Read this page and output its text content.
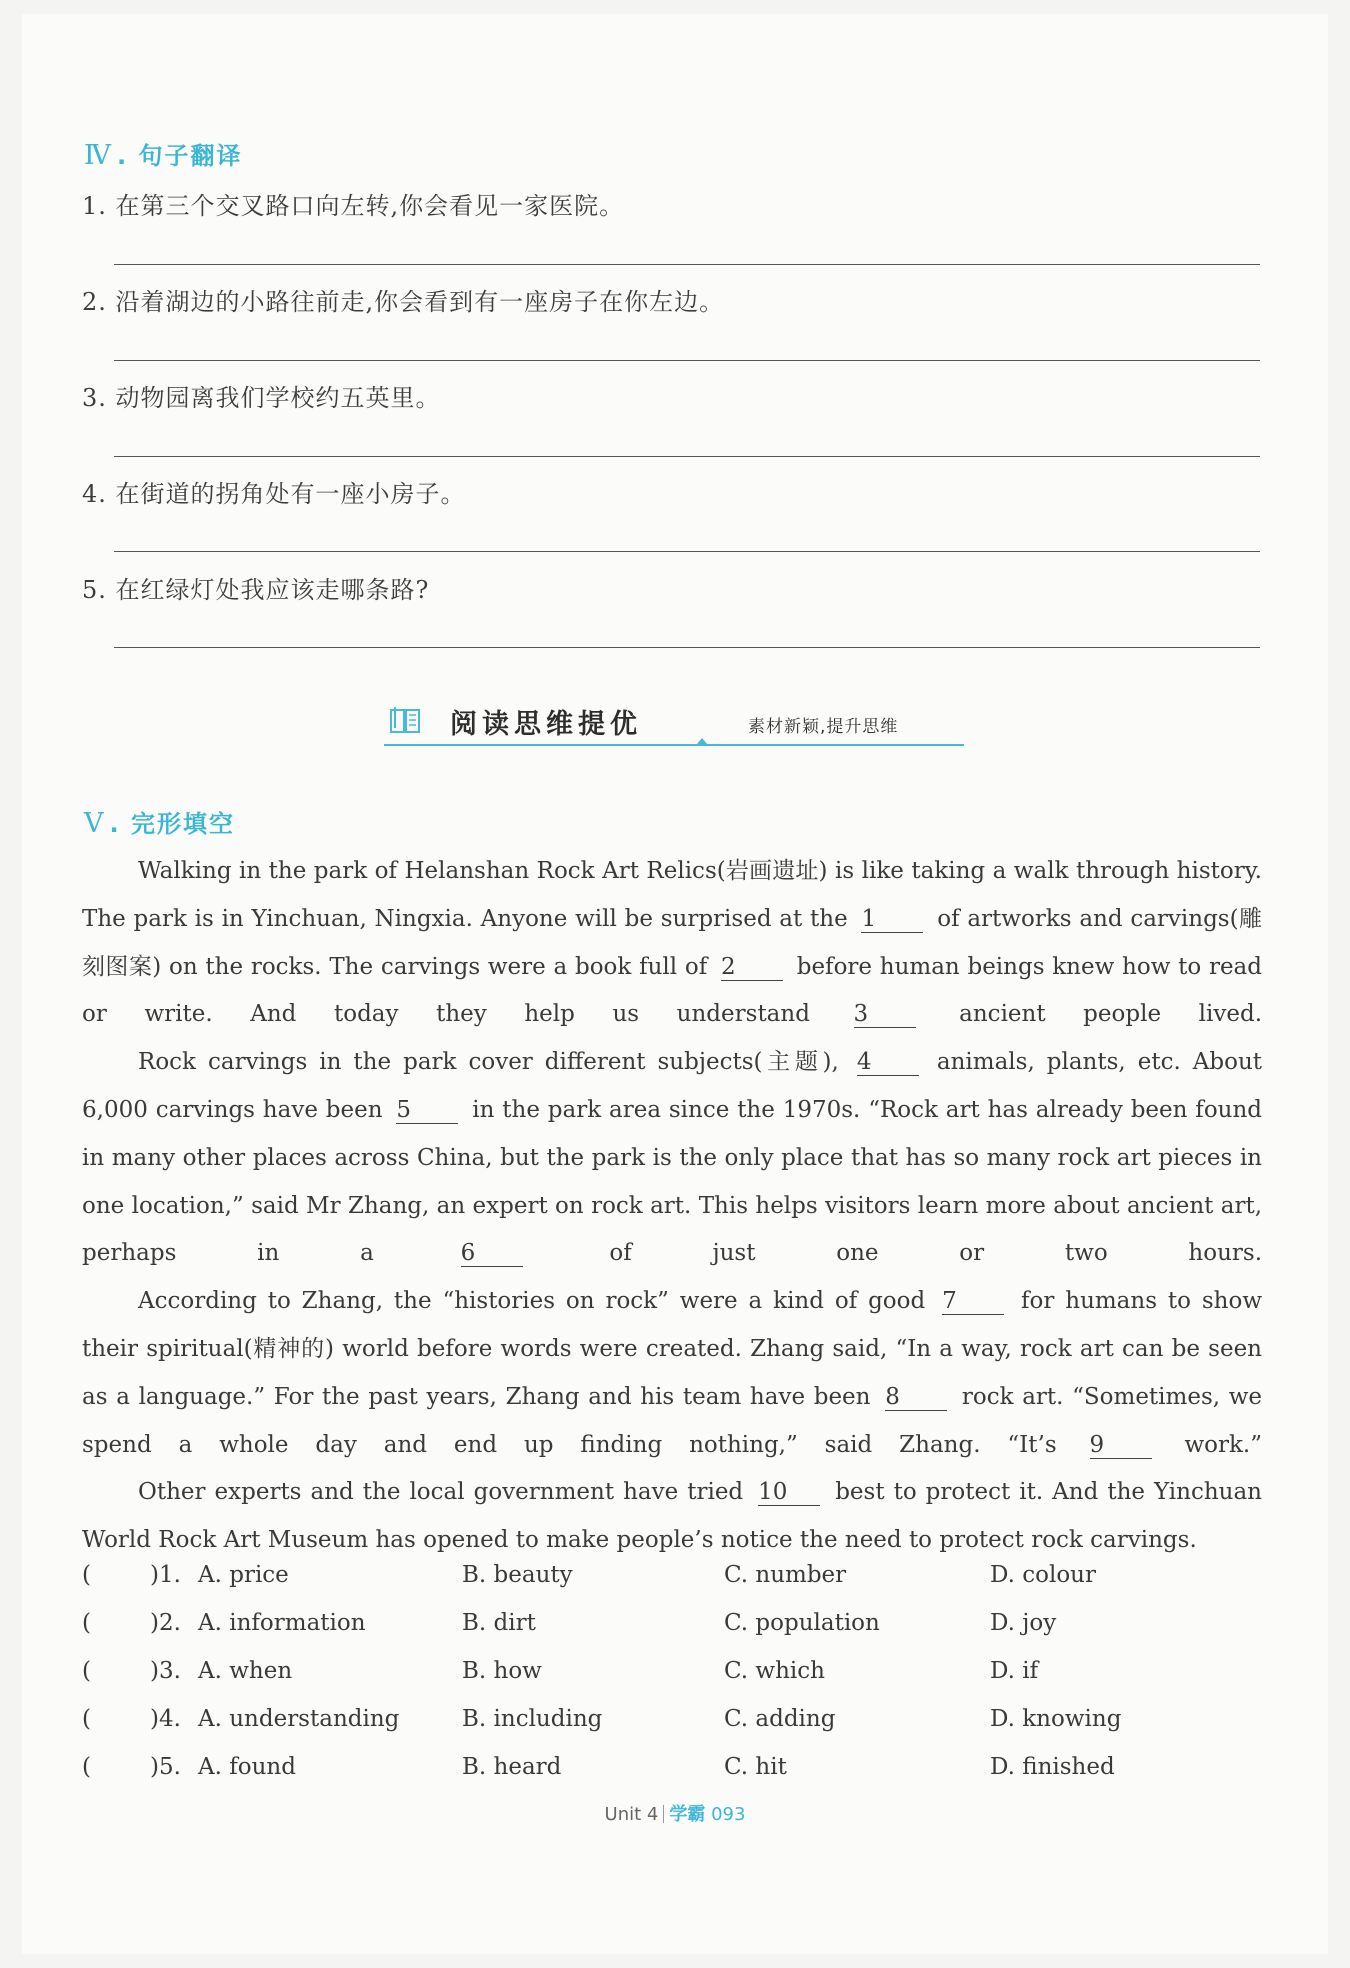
Ⅳ . 句子翻译
1. 在第三个交叉路口向左转,你会看见一家医院。
2. 沿着湖边的小路往前走,你会看到有一座房子在你左边。
3. 动物园离我们学校约五英里。
4. 在街道的拐角处有一座小房子。
5. 在红绿灯处我应该走哪条路?
阅读思维提优	素材新颖,提升思维
Ⅴ . 完形填空

Walking in the park of Helanshan Rock Art Relics(岩画遗址) is like taking a walk through history. The park is in Yinchuan, Ningxia. Anyone will be surprised at the 1	of artworks and carvings(雕刻图案) on the rocks. The carvings were a book full of 2	before human beings knew how to read or write. And today they help us understand 3	ancient people lived.

Rock carvings in the park cover different subjects(主题), 4	animals, plants, etc. About 6,000 carvings have been 5	in the park area since the 1970s. “Rock art has already been found in many other places across China, but the park is the only place that has so many rock art pieces in one location,” said Mr Zhang, an expert on rock art. This helps visitors learn more about ancient art, perhaps in a	6	of just one or two hours.

According to Zhang, the “histories on rock” were a kind of good 7	for humans to show their spiritual(精神的) world before words were created. Zhang said, “In a way, rock art can be seen as a language.” For the past years, Zhang and his team have been 8	rock art. “Sometimes, we spend a whole day and end up finding nothing,” said Zhang. “It’s 9	work.”

Other experts and the local government have tried 10 best to protect it. And the Yinchuan World Rock Art Museum has opened to make people’s notice the need to protect rock carvings.

(	)1. A. price	B. beauty	C. number	D. colour
(	)2. A. information	B. dirt	C. population	D. joy
(	)3. A. when	B. how	C. which	D. if
(	)4. A. understanding	B. including	C. adding	D. knowing
(	)5. A. found	B. heard	C. hit	D. finished
Unit 4 学霸 093
